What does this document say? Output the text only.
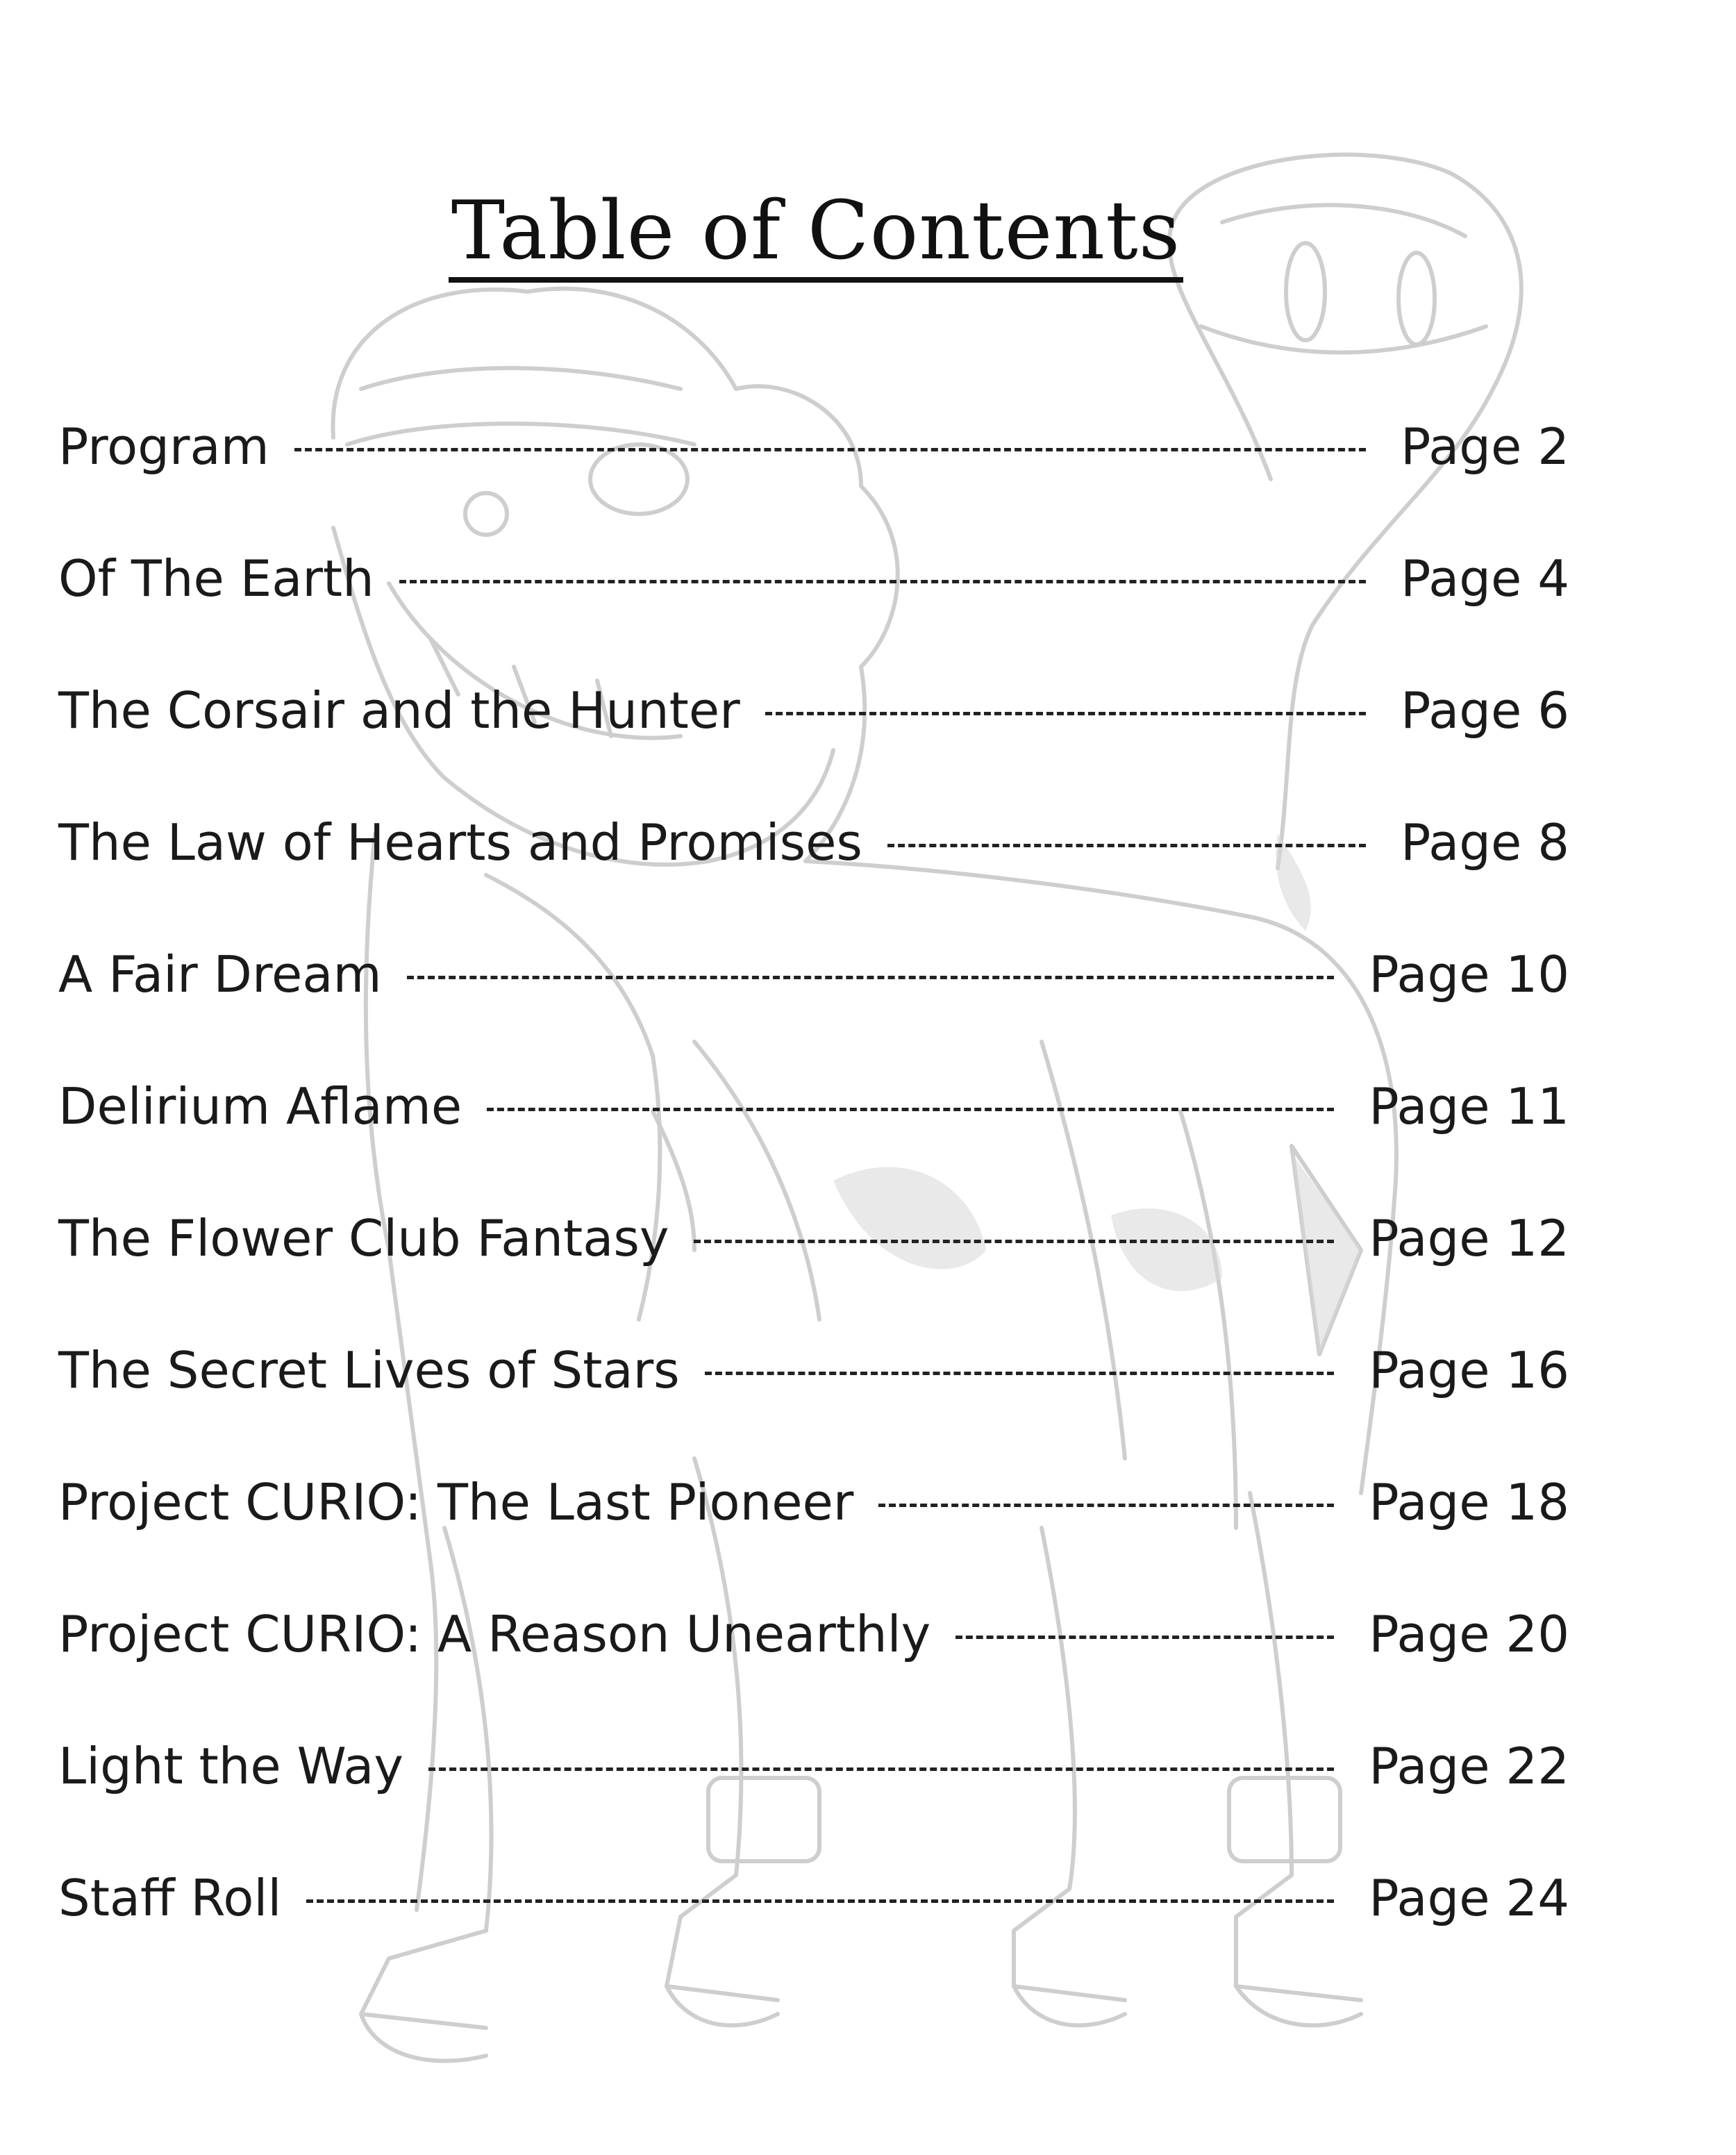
Table of Contents
Program	Page 2
Of The Earth	Page 4
The Corsair and the Hunter	Page 6
The Law of Hearts and Promises	Page 8
A Fair Dream	Page 10
Delirium Aflame	Page 11
The Flower Club Fantasy	Page 12
The Secret Lives of Stars	Page 16
Project CURIO: The Last Pioneer	Page 18
Project CURIO: A Reason Unearthly	Page 20
Light the Way	Page 22
Staff Roll	Page 24
